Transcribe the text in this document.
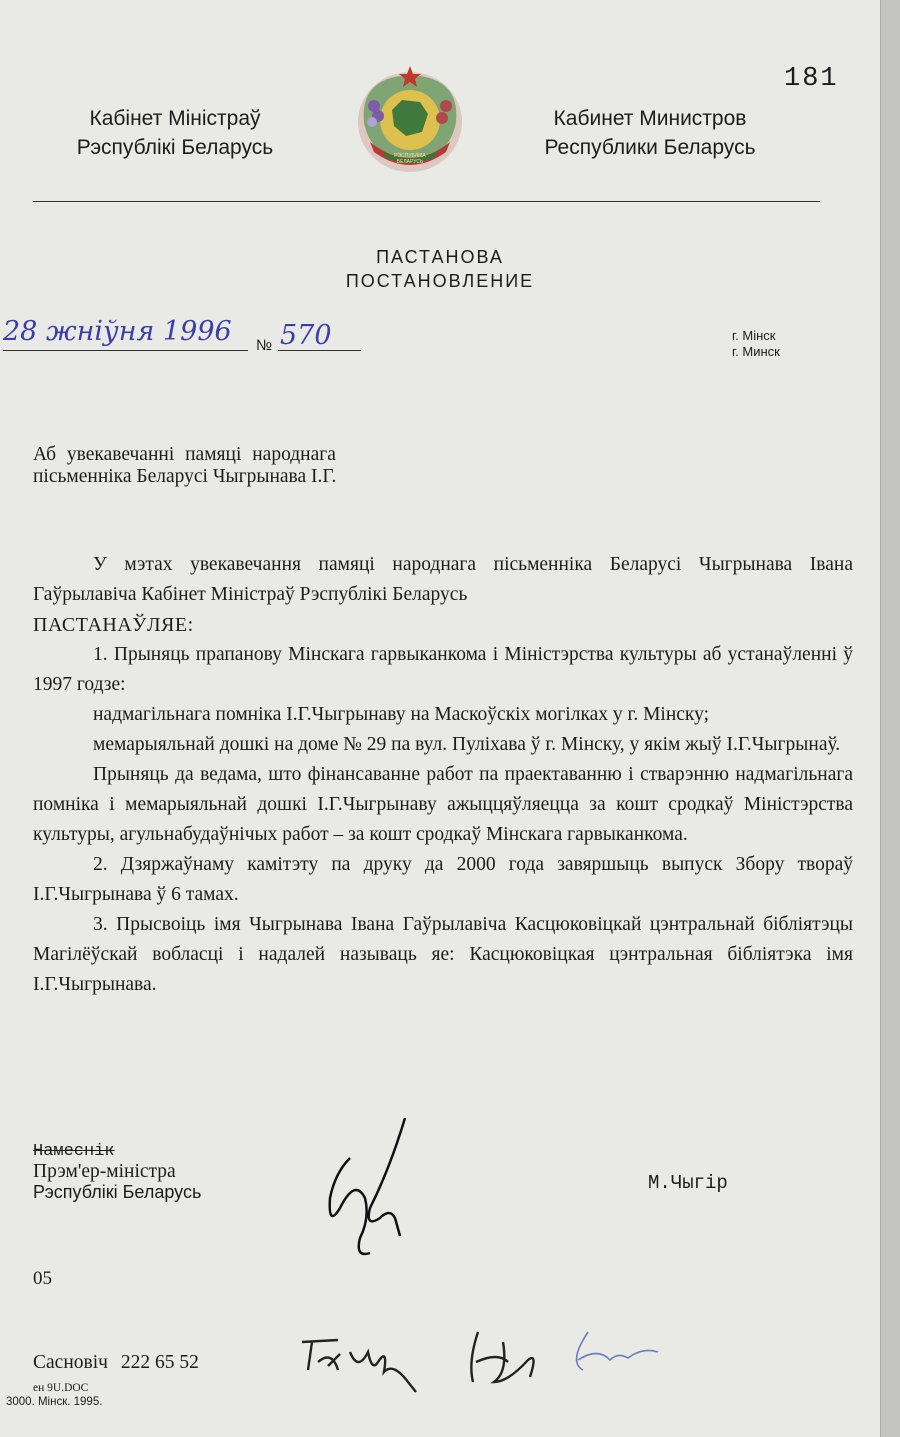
181
Кабінет Міністраў
Рэспублікі Беларусь	РЭСПУБЛІКА БЕЛАРУСЬ
Кабинет Министров
Республики Беларусь
ПАСТАНОВА
ПОСТАНОВЛЕНИЕ
28 жніўня 1996 № 570	г. Мінск
г. Минск
Аб увекавечанні памяці народнага
пісьменніка Беларусі Чыгрынава І.Г.

У мэтах увекавечання памяці народнага пісьменніка Беларусі Чыгрынава Івана Гаўрылавіча Кабінет Міністраў Рэспублікі Беларусь

ПАСТАНАЎЛЯЕ:

1. Прыняць прапанову Мінскага гарвыканкома і Міністэрства культуры аб устанаўленні ў 1997 годзе:

надмагільнага помніка І.Г.Чыгрынаву на Маскоўскіх могілках у г. Мінску;

мемарыяльнай дошкі на доме № 29 па вул. Пуліхава ў г. Мінску, у якім жыў І.Г.Чыгрынаў.

Прыняць да ведама, што фінансаванне работ па праектаванню і стварэнню надмагільнага помніка і мемарыяльнай дошкі І.Г.Чыгрынаву ажыццяўляецца за кошт сродкаў Міністэрства культуры, агульнабудаўнічых работ – за кошт сродкаў Мінскага гарвыканкома.

2. Дзяржаўнаму камітэту па друку да 2000 года завяршыць выпуск Збору твораў І.Г.Чыгрынава ў 6 тамах.

3. Прысвоіць імя Чыгрынава Івана Гаўрылавіча Касцюковіцкай цэнтральнай бібліятэцы Магілёўскай вобласці і надалей называць яе: Касцюковіцкая цэнтральная бібліятэка імя І.Г.Чыгрынава.

Намеснік
Прэм'ер-міністра
Рэспублікі Беларусь	М.Чыгір
05
Сасновіч 222 65 52
ен 9U.DOC
3000. Мінск. 1995.
